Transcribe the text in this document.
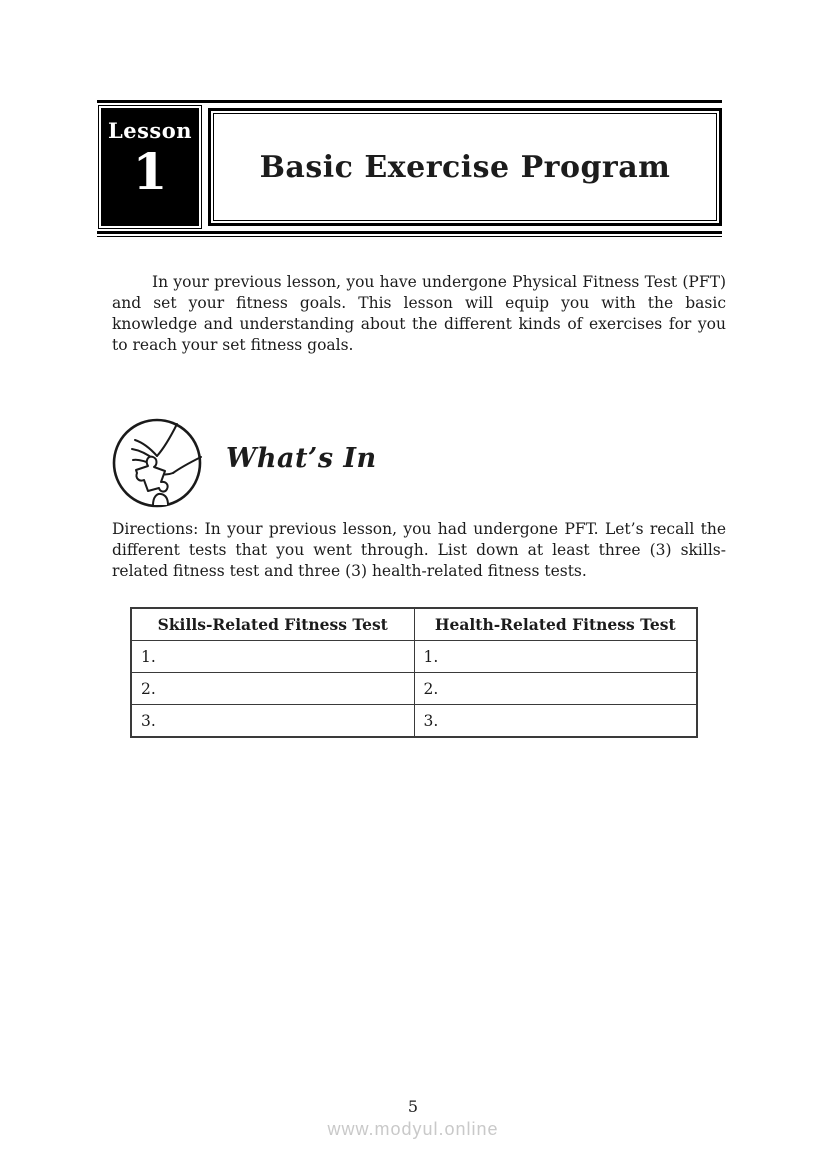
Lesson
1	Basic Exercise Program

In your previous lesson, you have undergone Physical Fitness Test (PFT) and set your fitness goals. This lesson will equip you with the basic knowledge and understanding about the different kinds of exercises for you to reach your set fitness goals.

What’s In

Directions: In your previous lesson, you had undergone PFT. Let’s recall the different tests that you went through. List down at least three (3) skills-related fitness test and three (3) health-related fitness tests.

Skills-Related Fitness Test	Health-Related Fitness Test
1.	1.
2.	2.
3.	3.
5
www.modyul.online
